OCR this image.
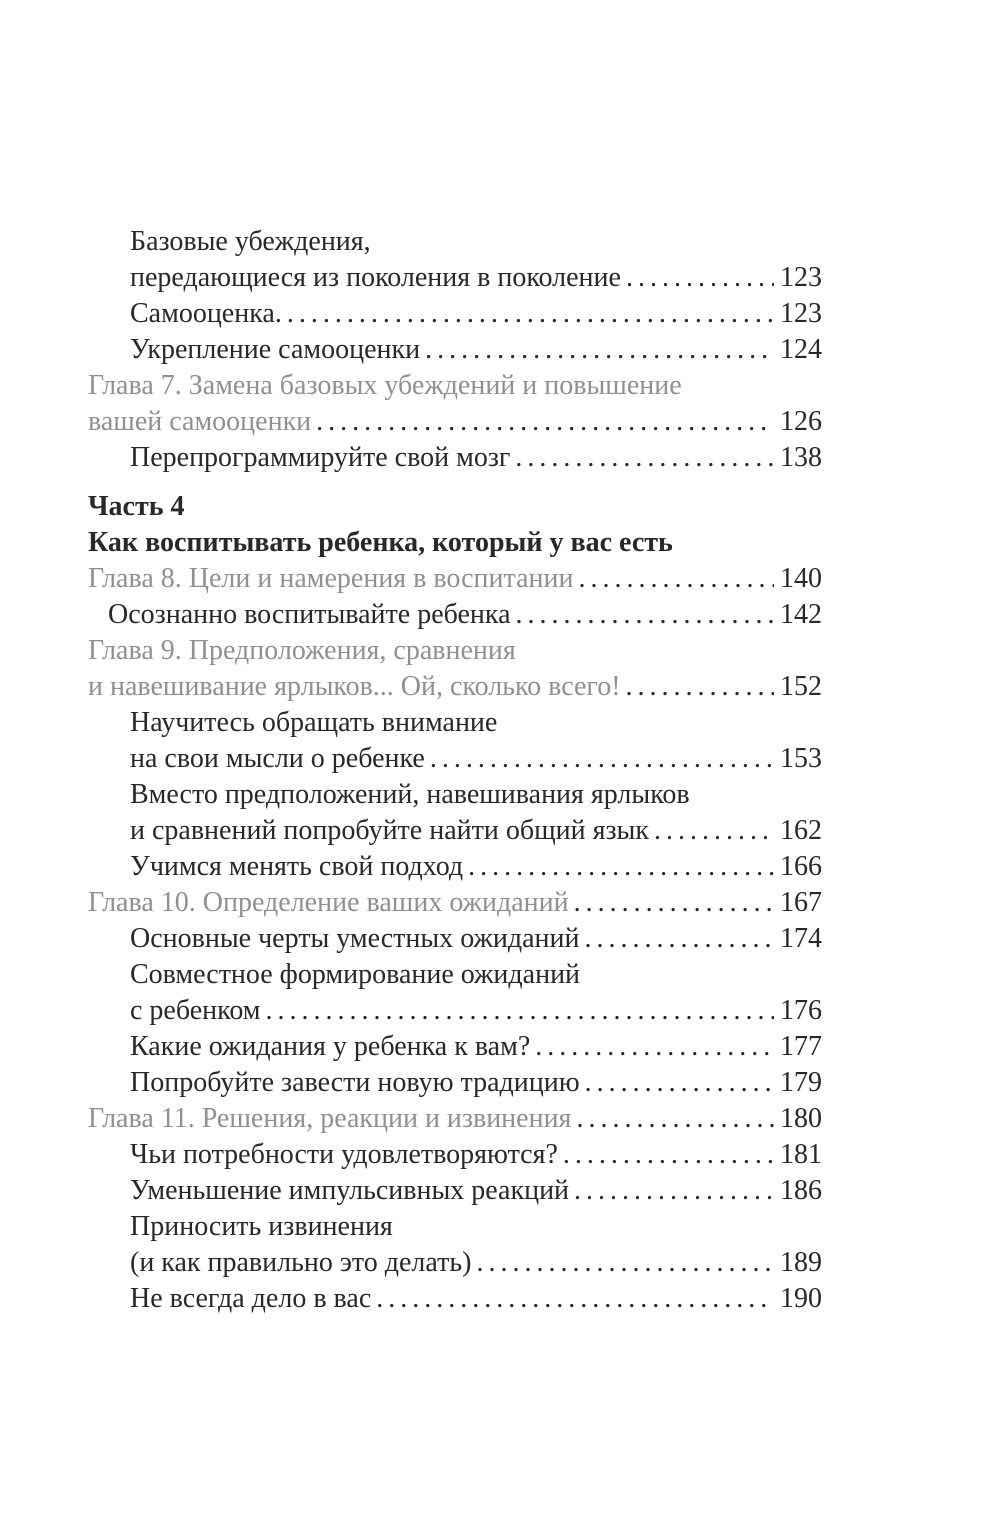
Базовые убеждения,
передающиеся из поколения в поколение . . .	123
Самооценка. . . .	123
Укрепление самооценки . . .	124
Глава 7. Замена базовых убеждений и повышение
вашей самооценки . . .	126
Перепрограммируйте свой мозг . . .	138
Часть 4
Как воспитывать ребенка, который у вас есть
Глава 8. Цели и намерения в воспитании . . .	140
Осознанно воспитывайте ребенка . . .	142
Глава 9. Предположения, сравнения
и навешивание ярлыков... Ой, сколько всего! . . .	152
Научитесь обращать внимание
на свои мысли о ребенке . . .	153
Вместо предположений, навешивания ярлыков
и сравнений попробуйте найти общий язык . . .	162
Учимся менять свой подход . . .	166
Глава 10. Определение ваших ожиданий . . .	167
Основные черты уместных ожиданий . . .	174
Совместное формирование ожиданий
с ребенком . . .	176
Какие ожидания у ребенка к вам? . . .	177
Попробуйте завести новую традицию . . .	179
Глава 11. Решения, реакции и извинения . . .	180
Чьи потребности удовлетворяются? . . .	181
Уменьшение импульсивных реакций . . .	186
Приносить извинения
(и как правильно это делать) . . .	189
Не всегда дело в вас . . .	190
